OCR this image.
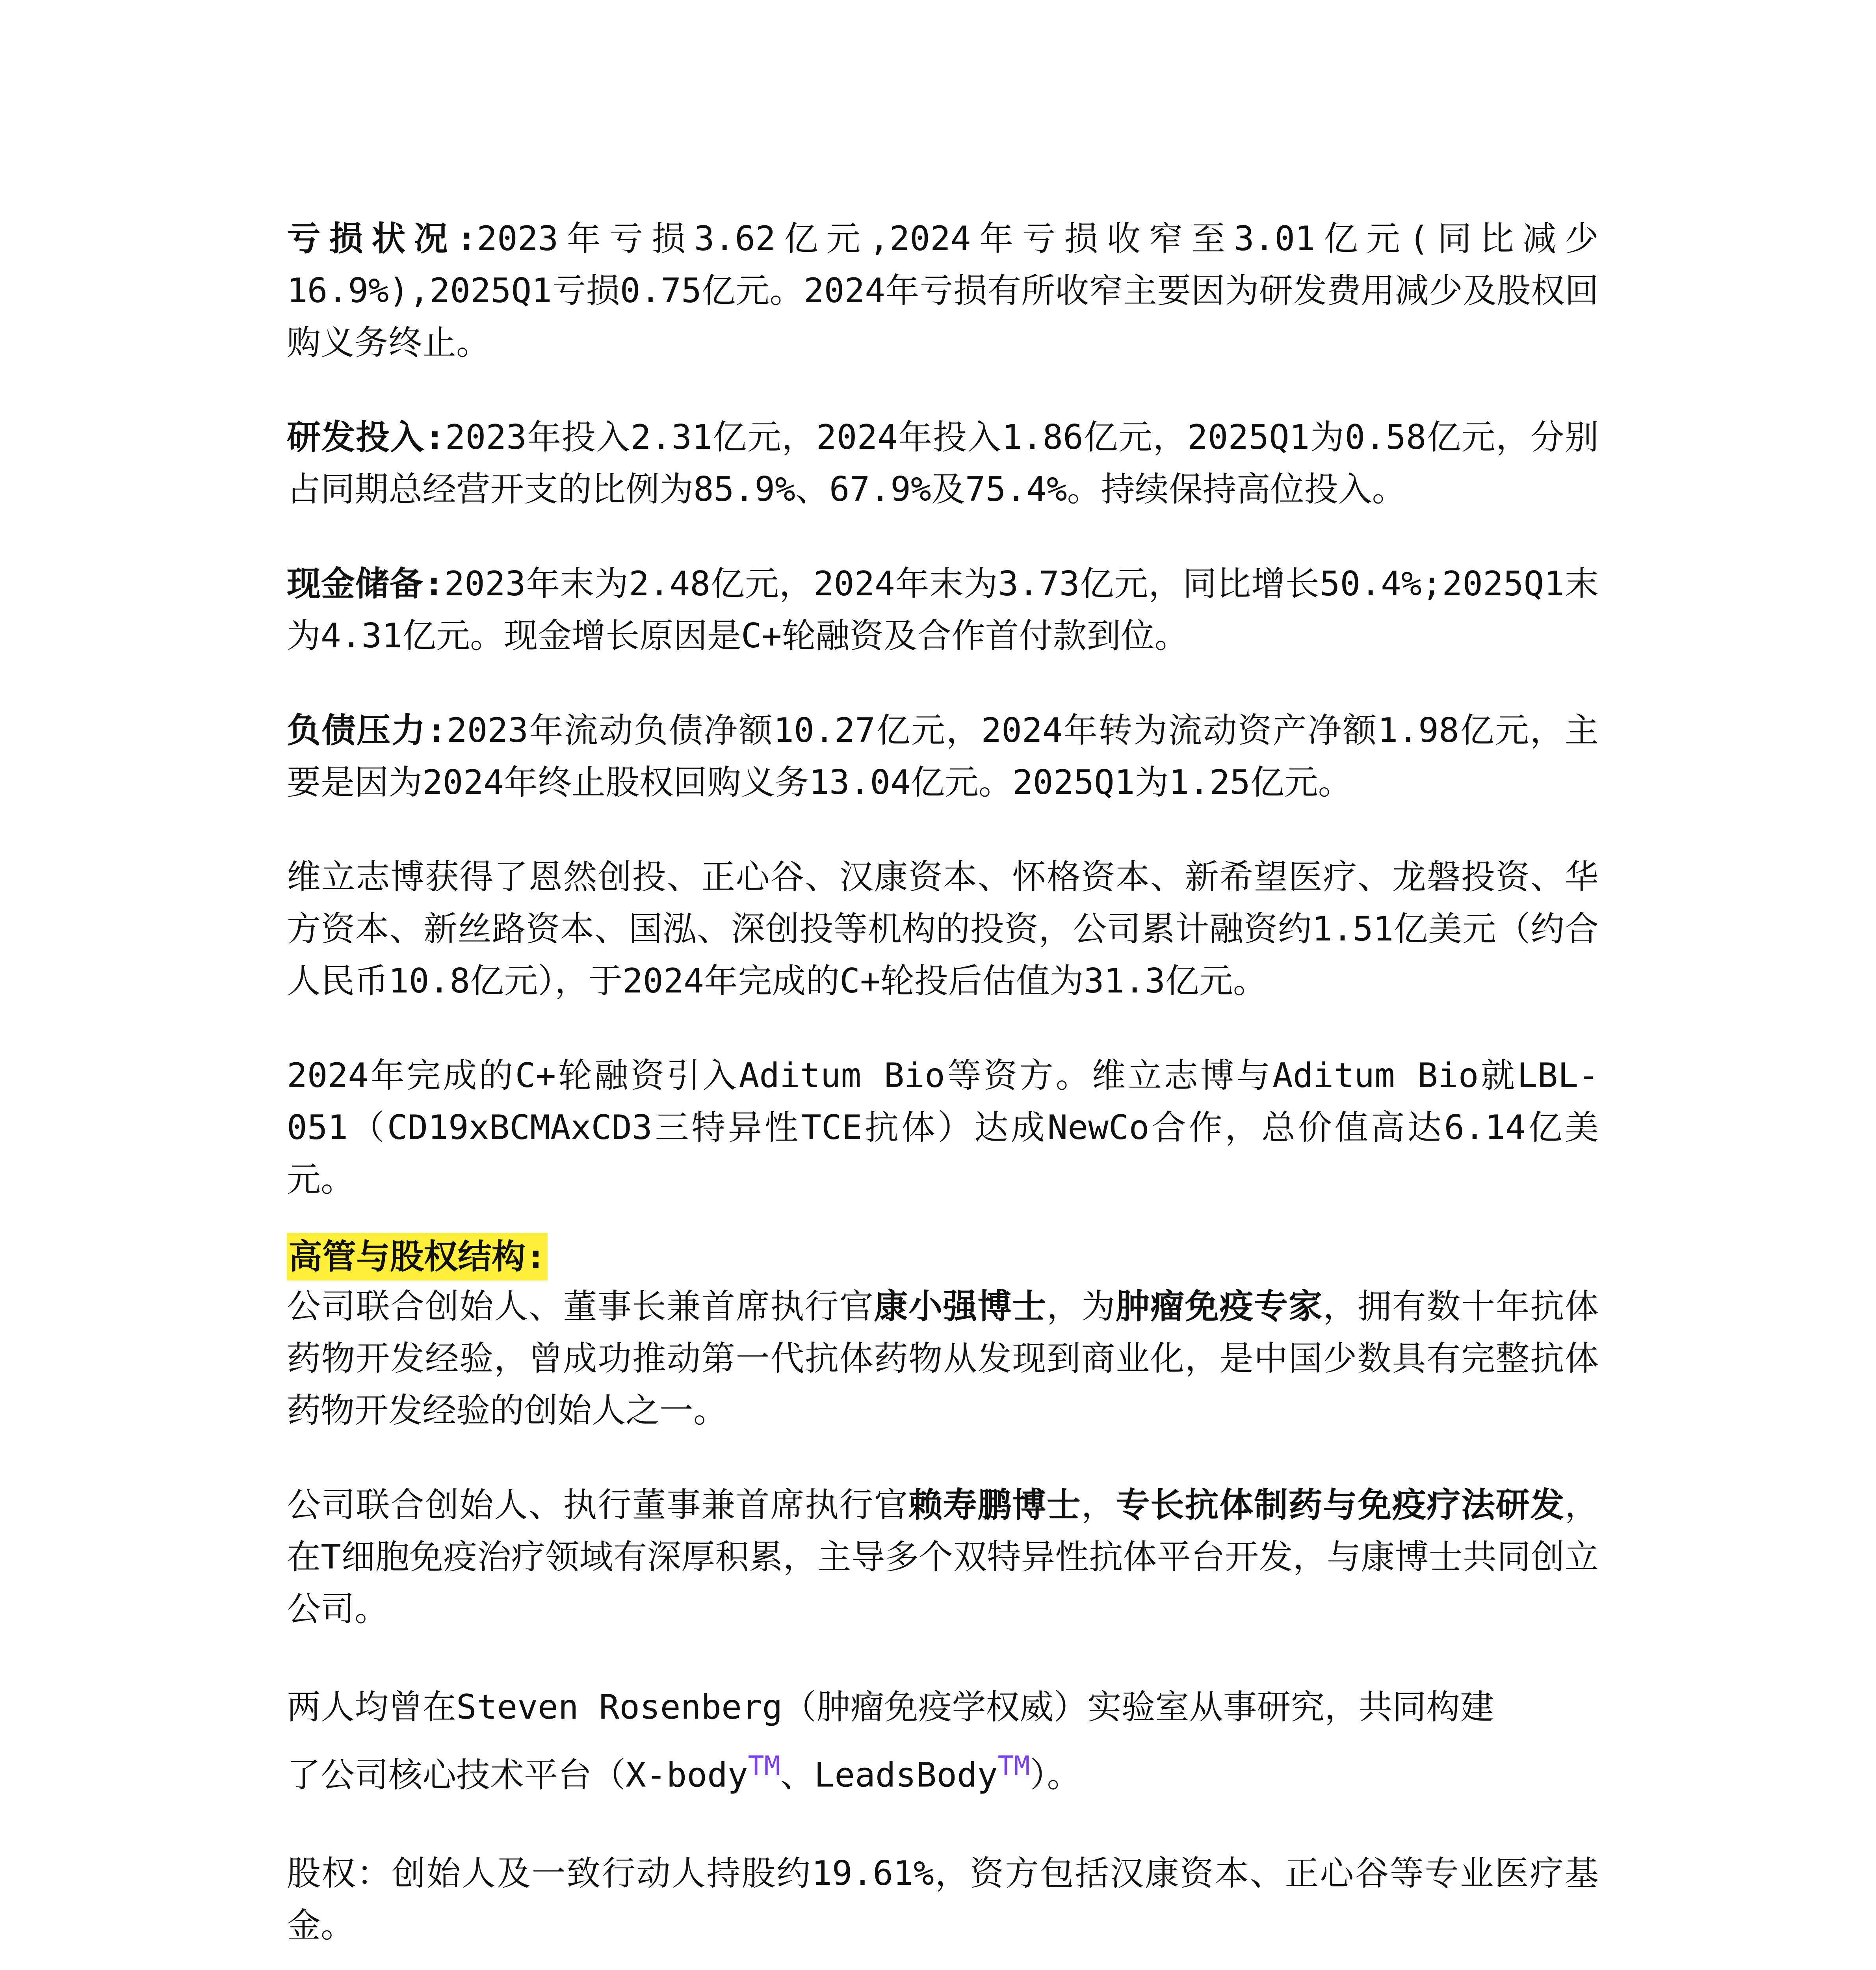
亏损状况:2023年亏损3.62亿元,2024年亏损收窄至3.01亿元(同比减少16.9%),2025Q1亏损0.75亿元。2024年亏损有所收窄主要因为研发费用减少及股权回购义务终止。

研发投入:2023年投入2.31亿元，2024年投入1.86亿元，2025Q1为0.58亿元，分别占同期总经营开支的比例为85.9%、67.9%及75.4%。持续保持高位投入。

现金储备:2023年末为2.48亿元，2024年末为3.73亿元，同比增长50.4%;2025Q1末为4.31亿元。现金增长原因是C+轮融资及合作首付款到位。

负债压力:2023年流动负债净额10.27亿元，2024年转为流动资产净额1.98亿元，主要是因为2024年终止股权回购义务13.04亿元。2025Q1为1.25亿元。

维立志博获得了恩然创投、正心谷、汉康资本、怀格资本、新希望医疗、龙磐投资、华方资本、新丝路资本、国泓、深创投等机构的投资，公司累计融资约1.51亿美元（约合人民币10.8亿元），于2024年完成的C+轮投后估值为31.3亿元。

2024年完成的C+轮融资引入Aditum Bio等资方。维立志博与Aditum Bio就LBL-051（CD19xBCMAxCD3三特异性TCE抗体）达成NewCo合作，总价值高达6.14亿美元。

高管与股权结构:

公司联合创始人、董事长兼首席执行官康小强博士，为肿瘤免疫专家，拥有数十年抗体药物开发经验，曾成功推动第一代抗体药物从发现到商业化，是中国少数具有完整抗体药物开发经验的创始人之一。

公司联合创始人、执行董事兼首席执行官赖寿鹏博士，专长抗体制药与免疫疗法研发，在T细胞免疫治疗领域有深厚积累，主导多个双特异性抗体平台开发，与康博士共同创立公司。

两人均曾在Steven Rosenberg（肿瘤免疫学权威）实验室从事研究，共同构建
了公司核心技术平台（X-body™、LeadsBody™）。

股权：创始人及一致行动人持股约19.61%，资方包括汉康资本、正心谷等专业医疗基金。
